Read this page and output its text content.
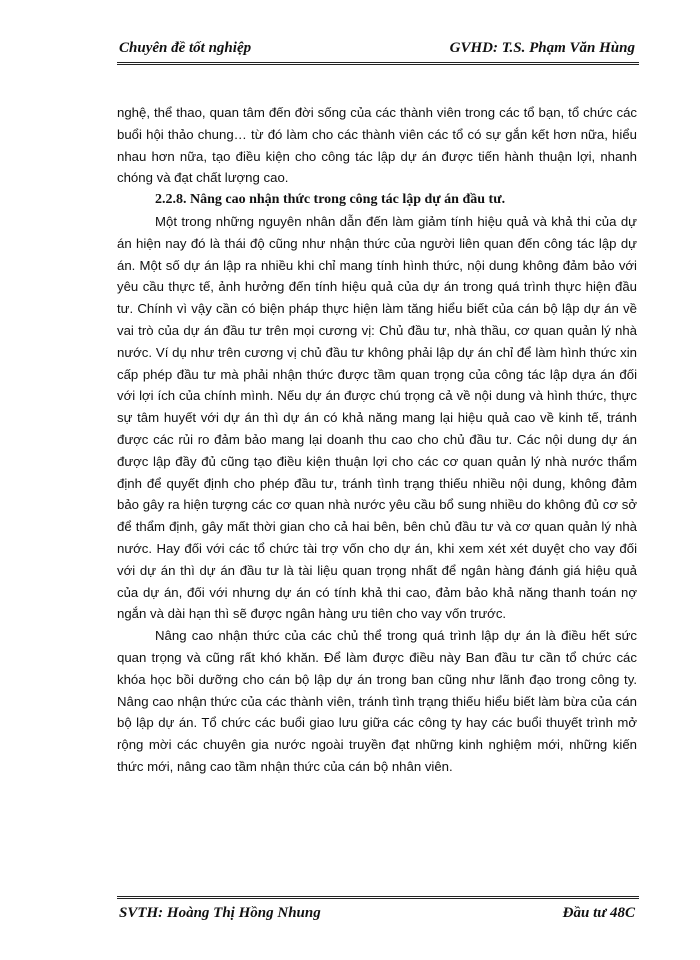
Chuyên đề tốt nghiệp	GVHD: T.S. Phạm Văn Hùng

nghệ, thể thao, quan tâm đến đời sống của các thành viên trong các tổ bạn, tổ chức các buổi hội thảo chung… từ đó làm cho các thành viên các tổ có sự gắn kết hơn nữa, hiểu nhau hơn nữa, tạo điều kiện cho công tác lập dự án được tiến hành thuận lợi, nhanh chóng và đạt chất lượng cao.

2.2.8. Nâng cao nhận thức trong công tác lập dự án đầu tư.

Một trong những nguyên nhân dẫn đến làm giảm tính hiệu quả và khả thi của dự án hiện nay đó là thái độ cũng như nhận thức của người liên quan đến công tác lập dự án. Một số dự án lập ra nhiều khi chỉ mang tính hình thức, nội dung không đảm bảo với yêu cầu thực tế, ảnh hưởng đến tính hiệu quả của dự án trong quá trình thực hiện đầu tư. Chính vì vậy cần có biện pháp thực hiện làm tăng hiểu biết của cán bộ lập dự án về vai trò của dự án đầu tư trên mọi cương vị: Chủ đầu tư, nhà thầu, cơ quan quản lý nhà nước. Ví dụ như trên cương vị chủ đầu tư không phải lập dự án chỉ để làm hình thức xin cấp phép đầu tư mà phải nhận thức được tầm quan trọng của công tác lập dựa án đối với lợi ích của chính mình. Nếu dự án được chú trọng cả về nội dung và hình thức, thực sự tâm huyết với dự án thì dự án có khả năng mang lại hiệu quả cao về kinh tế, tránh được các rủi ro đảm bảo mang lại doanh thu cao cho chủ đầu tư. Các nội dung dự án được lập đầy đủ cũng tạo điều kiện thuận lợi cho các cơ quan quản lý nhà nước thẩm định để quyết định cho phép đầu tư, tránh tình trạng thiếu nhiều nội dung, không đảm bảo gây ra hiện tượng các cơ quan nhà nước yêu cầu bổ sung nhiều do không đủ cơ sở để thẩm định, gây mất thời gian cho cả hai bên, bên chủ đầu tư và cơ quan quản lý nhà nước. Hay đối với các tổ chức tài trợ vốn cho dự án, khi xem xét xét duyệt cho vay đối với dự án thì dự án đầu tư là tài liệu quan trọng nhất để ngân hàng đánh giá hiệu quả của dự án, đối với nhưng dự án có tính khả thi cao, đảm bảo khả năng thanh toán nợ ngắn và dài hạn thì sẽ được ngân hàng ưu tiên cho vay vốn trước.

Nâng cao nhận thức của các chủ thể trong quá trình lập dự án là điều hết sức quan trọng và cũng rất khó khăn. Để làm được điều này Ban đầu tư cần tổ chức các khóa học bồi dưỡng cho cán bộ lập dự án trong ban cũng như lãnh đạo trong công ty. Nâng cao nhận thức của các thành viên, tránh tình trạng thiếu hiểu biết làm bừa của cán bộ lập dự án. Tổ chức các buổi giao lưu giữa các công ty hay các buổi thuyết trình mở rộng mời các chuyên gia nước ngoài truyền đạt những kinh nghiệm mới, những kiến thức mới, nâng cao tầm nhận thức của cán bộ nhân viên.

SVTH: Hoàng Thị Hồng Nhung	Đầu tư 48C
